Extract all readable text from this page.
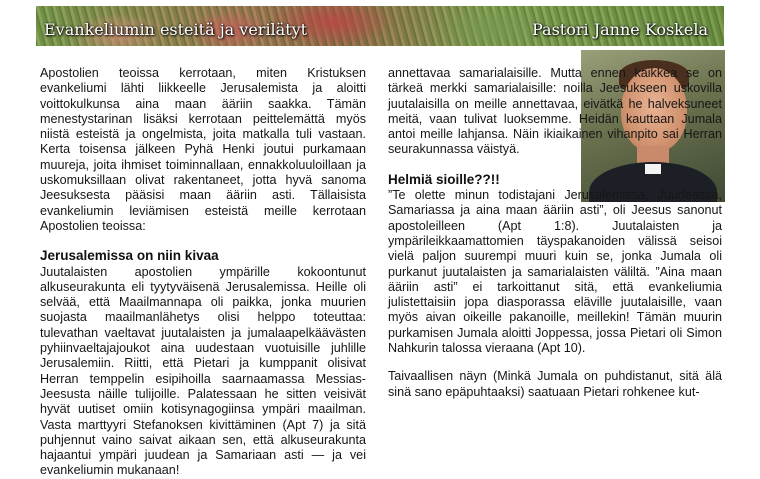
Evankeliumin esteitä ja verilätyt	Pastori Janne Koskela

Apostolien teoissa kerrotaan, miten Kristuksen evankeliumi lähti liikkeelle Jerusalemista ja aloitti voittokulkunsa aina maan ääriin saakka. Tämän menestystarinan lisäksi kerrotaan peittelemättä myös niistä esteistä ja ongelmista, joita matkalla tuli vastaan. Kerta toisensa jälkeen Pyhä Henki joutui purkamaan muureja, joita ihmiset toiminnallaan, ennakkoluuloillaan ja uskomuksillaan olivat rakentaneet, jotta hyvä sanoma Jeesuksesta pääsisi maan ääriin asti. Tällaisista evankeliumin leviämisen esteistä meille kerrotaan Apostolien teoissa:

Jerusalemissa on niin kivaa

Juutalaisten apostolien ympärille kokoontunut alkuseurakunta eli tyytyväisenä Jerusalemissa. Heille oli selvää, että Maailmannapa oli paikka, jonka muurien suojasta maailmanlähetys olisi helppo toteuttaa: tulevathan vaeltavat juutalaisten ja jumalaapelkäävästen pyhiinvaeltajajoukot aina uudestaan vuotuisille juhlille Jerusalemiin. Riitti, että Pietari ja kumppanit olisivat Herran temppelin esipihoilla saarnaamassa Messias-Jeesusta näille tulijoille. Palatessaan he sitten veisivät hyvät uutiset omiin kotisynagogiinsa ympäri maailman. Vasta marttyyri Stefanoksen kivittäminen (Apt 7) ja sitä puhjennut vaino saivat aikaan sen, että alkuseurakunta hajaantui ympäri juudean ja Samariaan asti — ja vei evankeliumin mukanaan!

annettavaa samarialaisille. Mutta ennen kaikkea se on tärkeä merkki samarialaisille: noilla Jeesukseen uskovilla juutalaisilla on meille annettavaa, eivätkä he halveksuneet meitä, vaan tulivat luoksemme. Heidän kauttaan Jumala antoi meille lahjansa. Näin ikiaikainen vihanpito sai Herran seurakunnassa väistyä.

Helmiä sioille??!!

”Te olette minun todistajani Jerusalemissa, Juudeassa, Samariassa ja aina maan ääriin asti”, oli Jeesus sanonut apostoleilleen (Apt 1:8). Juutalaisten ja ympärileikkaamattomien täyspakanoiden välissä seisoi vielä paljon suurempi muuri kuin se, jonka Jumala oli purkanut juutalaisten ja samarialaisten väliltä. ”Aina maan ääriin asti” ei tarkoittanut sitä, että evankeliumia julistettaisiin jopa diasporassa eläville juutalaisille, vaan myös aivan oikeille pakanoille, meillekin! Tämän muurin purkamisen Jumala aloitti Joppessa, jossa Pietari oli Simon Nahkurin talossa vieraana (Apt 10).

Taivaallisen näyn (Minkä Jumala on puhdistanut, sitä älä sinä sano epäpuhtaaksi) saatuaan Pietari rohkenee kut-
